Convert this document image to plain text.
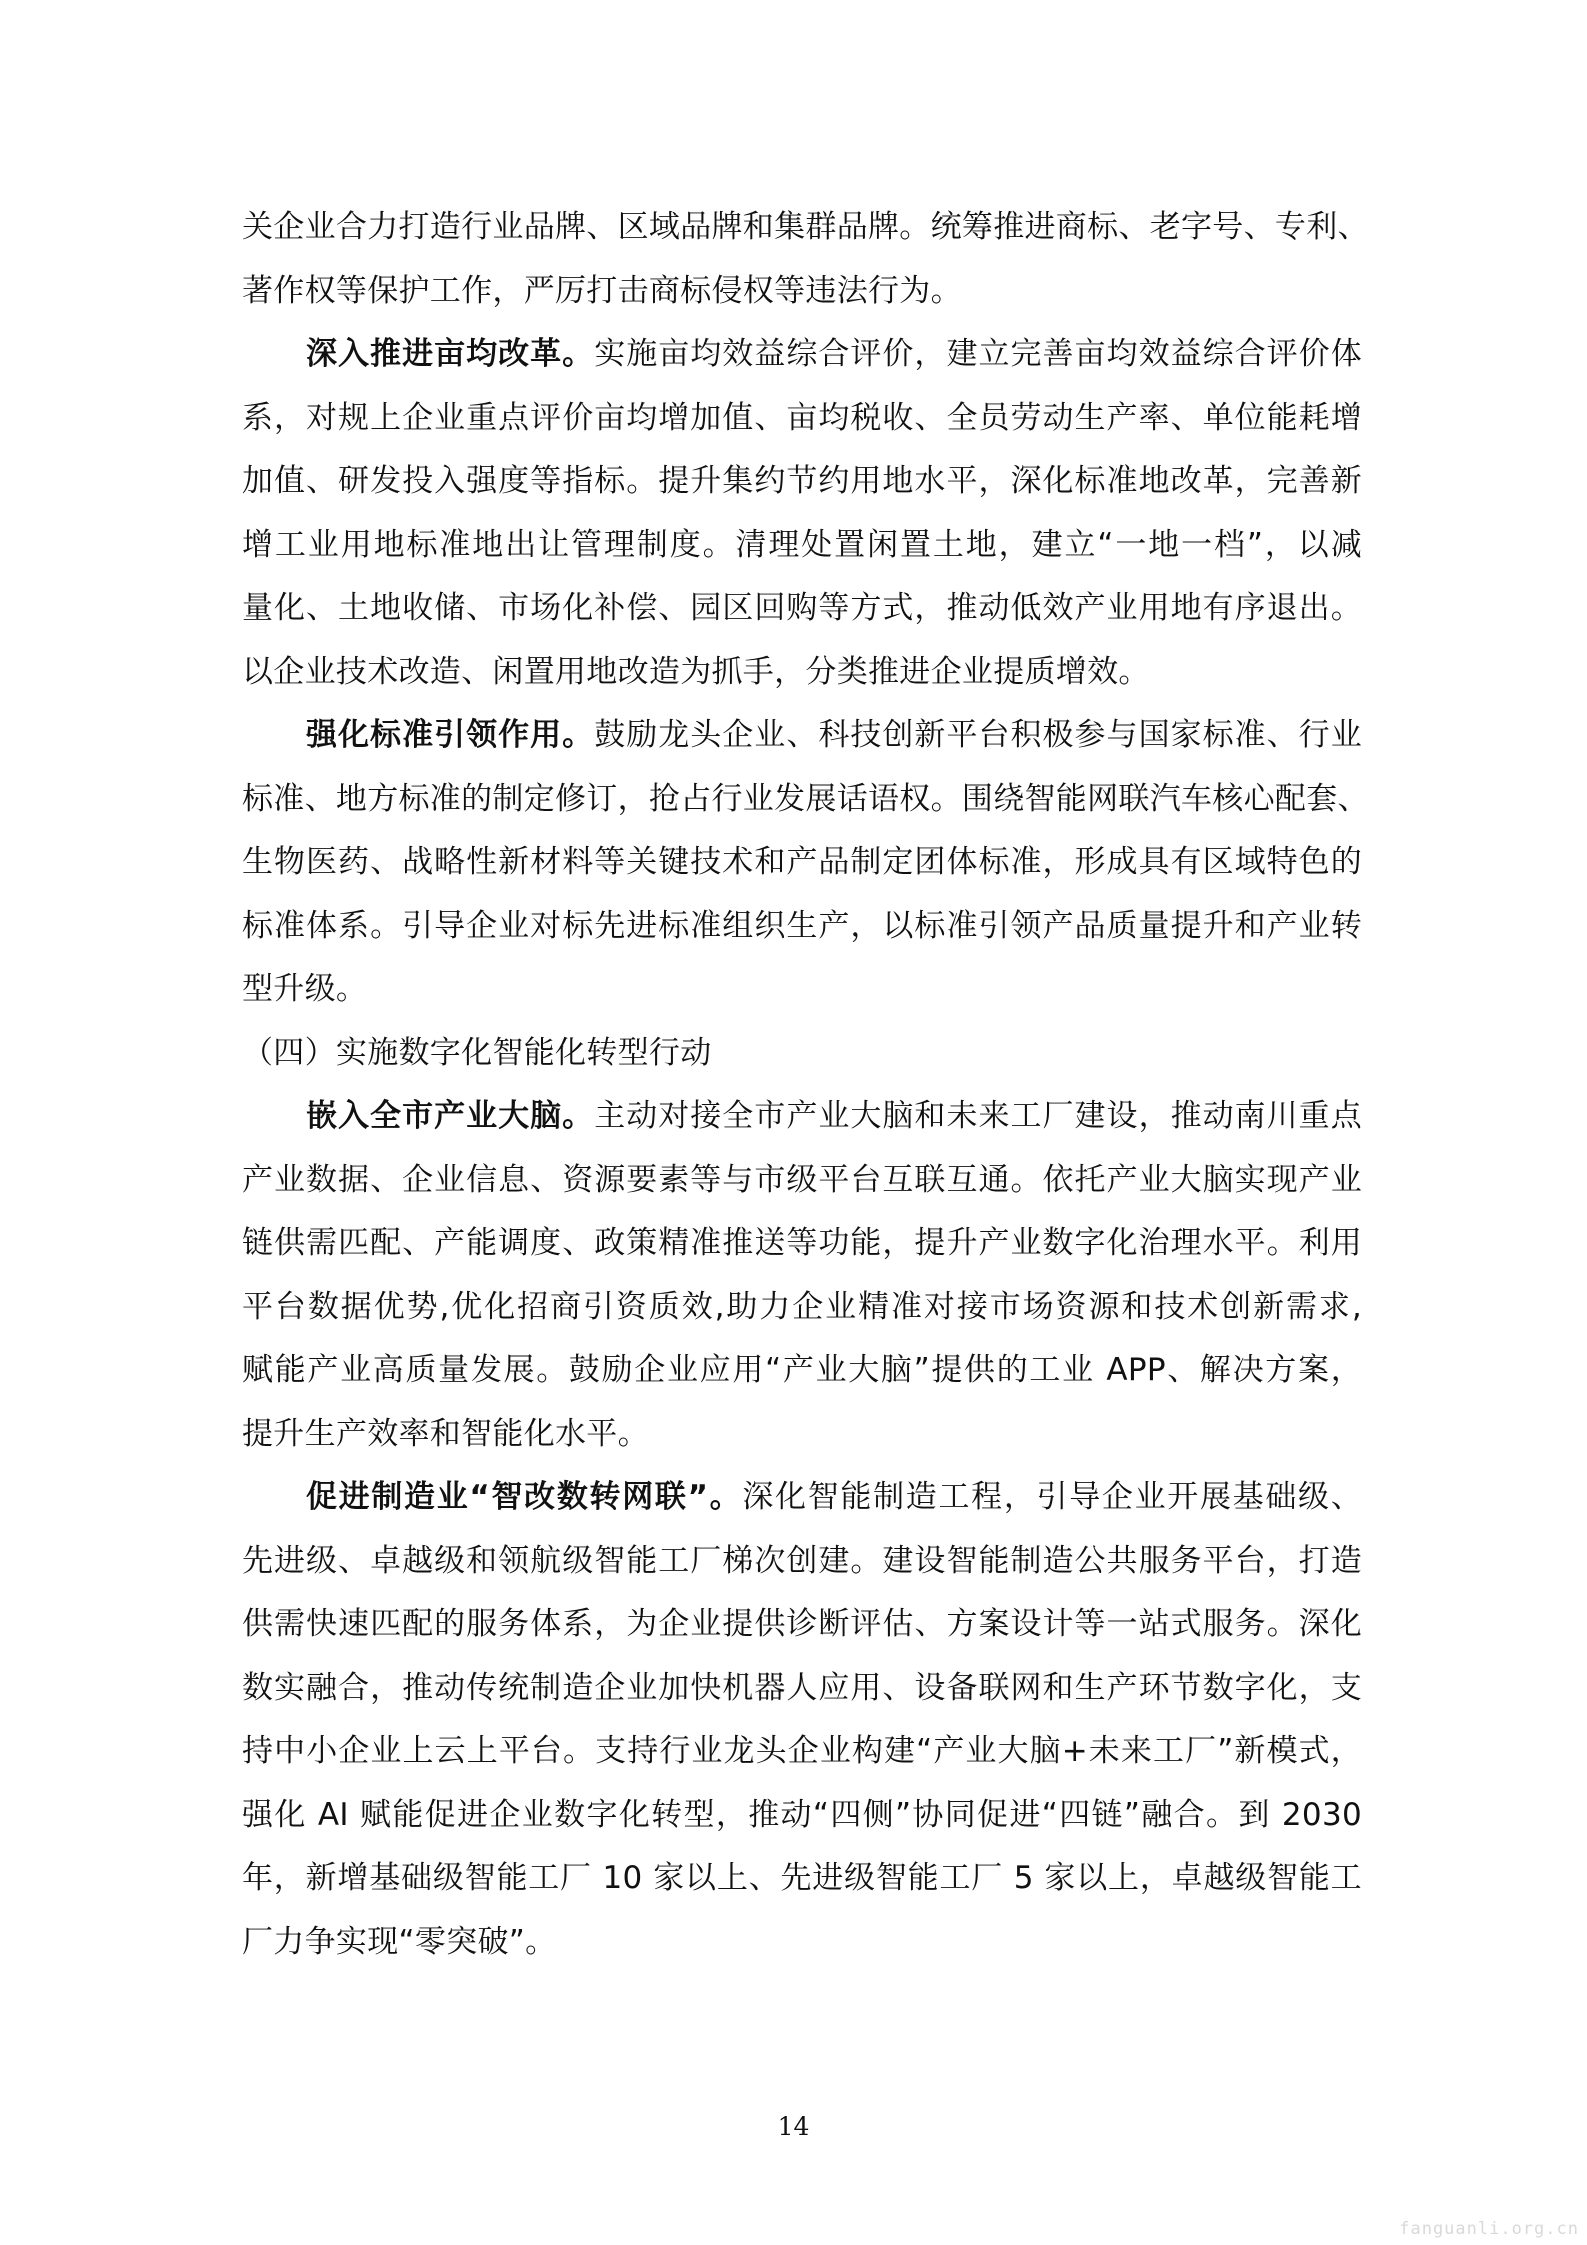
关企业合力打造行业品牌、区域品牌和集群品牌。统筹推进商标、老字号、专利、
著作权等保护工作，严厉打击商标侵权等违法行为。
深入推进亩均改革。实施亩均效益综合评价，建立完善亩均效益综合评价体
系，对规上企业重点评价亩均增加值、亩均税收、全员劳动生产率、单位能耗增
加值、研发投入强度等指标。提升集约节约用地水平，深化标准地改革，完善新
增工业用地标准地出让管理制度。清理处置闲置土地，建立“一地一档”，以减
量化、土地收储、市场化补偿、园区回购等方式，推动低效产业用地有序退出。
以企业技术改造、闲置用地改造为抓手，分类推进企业提质增效。
强化标准引领作用。鼓励龙头企业、科技创新平台积极参与国家标准、行业
标准、地方标准的制定修订，抢占行业发展话语权。围绕智能网联汽车核心配套、
生物医药、战略性新材料等关键技术和产品制定团体标准，形成具有区域特色的
标准体系。引导企业对标先进标准组织生产，以标准引领产品质量提升和产业转
型升级。
（四）实施数字化智能化转型行动
嵌入全市产业大脑。主动对接全市产业大脑和未来工厂建设，推动南川重点
产业数据、企业信息、资源要素等与市级平台互联互通。依托产业大脑实现产业
链供需匹配、产能调度、政策精准推送等功能，提升产业数字化治理水平。利用
平台数据优势,优化招商引资质效,助力企业精准对接市场资源和技术创新需求,
赋能产业高质量发展。鼓励企业应用“产业大脑”提供的工业 APP、解决方案，
提升生产效率和智能化水平。
促进制造业“智改数转网联”。深化智能制造工程，引导企业开展基础级、
先进级、卓越级和领航级智能工厂梯次创建。建设智能制造公共服务平台，打造
供需快速匹配的服务体系，为企业提供诊断评估、方案设计等一站式服务。深化
数实融合，推动传统制造企业加快机器人应用、设备联网和生产环节数字化，支
持中小企业上云上平台。支持行业龙头企业构建“产业大脑+未来工厂”新模式，
强化 AI 赋能促进企业数字化转型，推动“四侧”协同促进“四链”融合。到 2030
年，新增基础级智能工厂 10 家以上、先进级智能工厂 5 家以上，卓越级智能工
厂力争实现“零突破”。
14
fanguanli.org.cn
